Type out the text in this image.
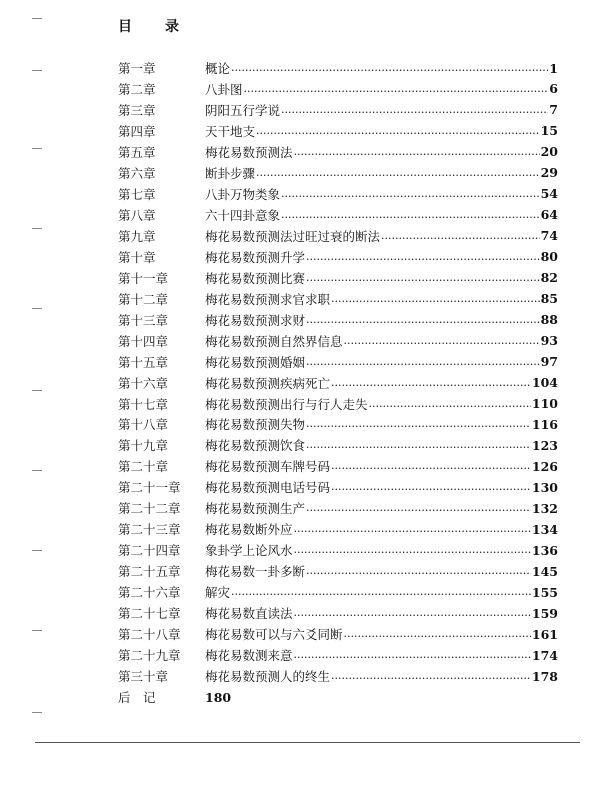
目 录
第一章	概论 .....	1
第二章	八卦图 .....	6
第三章	阴阳五行学说 .....	7
第四章	天干地支 .....	15
第五章	梅花易数预测法 .....	20
第六章	断卦步骤 .....	29
第七章	八卦万物类象 .....	54
第八章	六十四卦意象 .....	64
第九章	梅花易数预测法过旺过衰的断法 .....	74
第十章	梅花易数预测升学 .....	80
第十一章	梅花易数预测比赛 .....	82
第十二章	梅花易数预测求官求职 .....	85
第十三章	梅花易数预测求财 .....	88
第十四章	梅花易数预测自然界信息 .....	93
第十五章	梅花易数预测婚姻 .....	97
第十六章	梅花易数预测疾病死亡 .....	104
第十七章	梅花易数预测出行与行人走失 .....	110
第十八章	梅花易数预测失物 .....	116
第十九章	梅花易数预测饮食 .....	123
第二十章	梅花易数预测车牌号码 .....	126
第二十一章	梅花易数预测电话号码 .....	130
第二十二章	梅花易数预测生产 .....	132
第二十三章	梅花易数断外应 .....	134
第二十四章	象卦学上论风水 .....	136
第二十五章	梅花易数一卦多断 .....	145
第二十六章	解灾 .....	155
第二十七章	梅花易数直读法 .....	159
第二十八章	梅花易数可以与六爻同断 .....	161
第二十九章	梅花易数测来意 .....	174
第三十章	梅花易数预测人的终生 .....	178
后　记	180
